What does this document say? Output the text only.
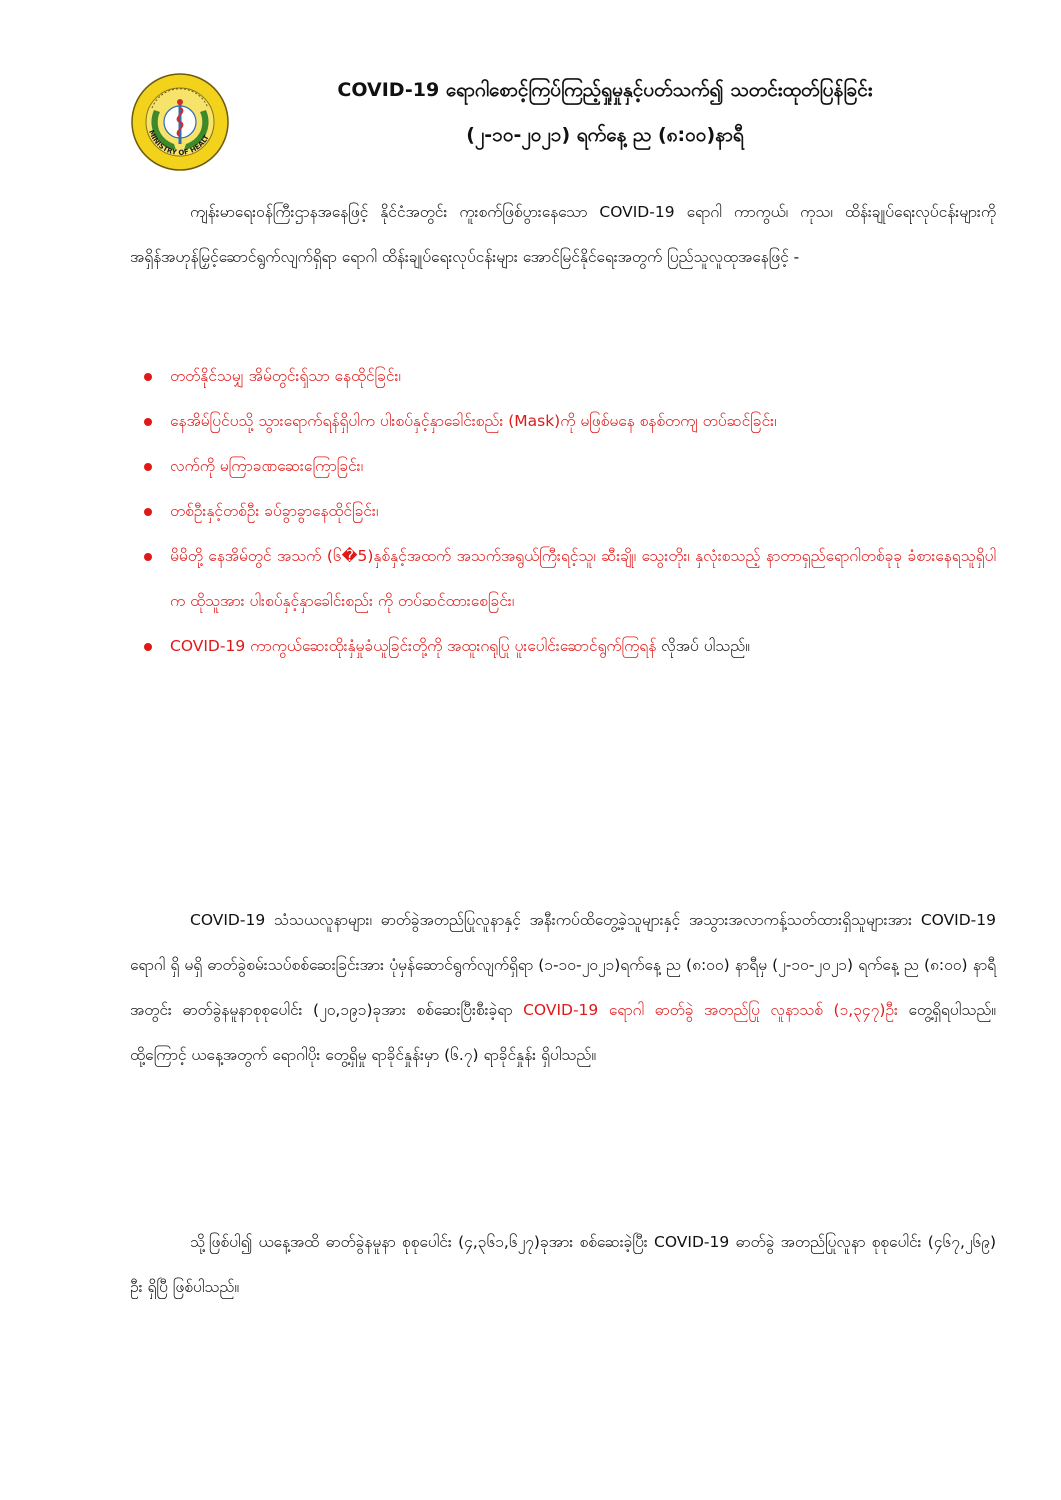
MINISTRY OF HEALT
COVID-19 ရောဂါစောင့်ကြပ်ကြည့်ရှုမှုနှင့်ပတ်သက်၍ သတင်းထုတ်ပြန်ခြင်း
(၂-၁၀-၂၀၂၁) ရက်နေ့ ည (၈:၀၀)နာရီ
ကျန်းမာရေးဝန်ကြီးဌာနအနေဖြင့် နိုင်ငံအတွင်း ကူးစက်ဖြစ်ပွားနေသော COVID-19 ရောဂါ ကာကွယ်၊ ကုသ၊ ထိန်းချုပ်ရေးလုပ်ငန်းများကို အရှိန်အဟုန်မြှင့်ဆောင်ရွက်လျက်ရှိရာ ရောဂါ ထိန်းချုပ်ရေးလုပ်ငန်းများ အောင်မြင်နိုင်ရေးအတွက် ပြည်သူလူထုအနေဖြင့် -
တတ်နိုင်သမျှ အိမ်တွင်းၡ်သာ နေထိုင်ခြင်း၊
နေအိမ်ပြင်ပသို့ သွားရောက်ရန်ရှိပါက ပါးစပ်နှင့်နှာခေါင်းစည်း (Mask)ကို မဖြစ်မနေ စနစ်တကျ တပ်ဆင်ခြင်း၊
လက်ကို မကြာခဏဆေးကြောခြင်း၊
တစ်ဦးနှင့်တစ်ဦး ခပ်ခွာခွာနေထိုင်ခြင်း၊
မိမိတို့ နေအိမ်တွင် အသက် (၆�5)နှစ်နှင့်အထက် အသက်အရွယ်ကြီးရင့်သူ၊ ဆီးချို၊ သွေးတိုး၊ နှလုံးစသည့် နာတာရှည်ရောဂါတစ်ခုခု ခံစားနေရသူရှိပါက ထိုသူအား ပါးစပ်နှင့်နှာခေါင်းစည်း ကို တပ်ဆင်ထားစေခြင်း၊
COVID-19 ကာကွယ်ဆေးထိုးနှံမှုခံယူခြင်းတို့ကို အထူးဂရုပြု ပူးပေါင်းဆောင်ရွက်ကြရန် လိုအပ် ပါသည်။
COVID-19 သံသယလူနာများ၊ ဓာတ်ခွဲအတည်ပြုလူနာနှင့် အနီးကပ်ထိတွေ့ခဲ့သူများနှင့် အသွားအလာကန့်သတ်ထားရှိသူများအား COVID-19 ရောဂါ ရှိ မရှိ ဓာတ်ခွဲစမ်းသပ်စစ်ဆေးခြင်းအား ပုံမှန်ဆောင်ရွက်လျက်ရှိရာ (၁-၁၀-၂၀၂၁)ရက်နေ့ ည (၈:၀၀) နာရီမှ (၂-၁၀-၂၀၂၁) ရက်နေ့ ည (၈:၀၀) နာရီ အတွင်း ဓာတ်ခွဲနမူနာစုစုပေါင်း (၂၀,၁၉၁)ခုအား စစ်ဆေးပြီးစီးခဲ့ရာ COVID-19 ရောဂါ ဓာတ်ခွဲ အတည်ပြု လူနာသစ် (၁,၃၄၇)ဦး တွေ့ရှိရပါသည်။ ထို့ကြောင့် ယနေ့အတွက် ရောဂါပိုး တွေ့ရှိမှု ရာခိုင်နှုန်းမှာ (၆.၇) ရာခိုင်နှုန်း ရှိပါသည်။
သို့ဖြစ်ပါ၍ ယနေ့အထိ ဓာတ်ခွဲနမူနာ စုစုပေါင်း (၄,၃၆၁,၆၂၇)ခုအား စစ်ဆေးခဲ့ပြီး COVID-19 ဓာတ်ခွဲ အတည်ပြုလူနာ စုစုပေါင်း (၄၆၇,၂၆၉) ဦး ရှိပြီ ဖြစ်ပါသည်။
